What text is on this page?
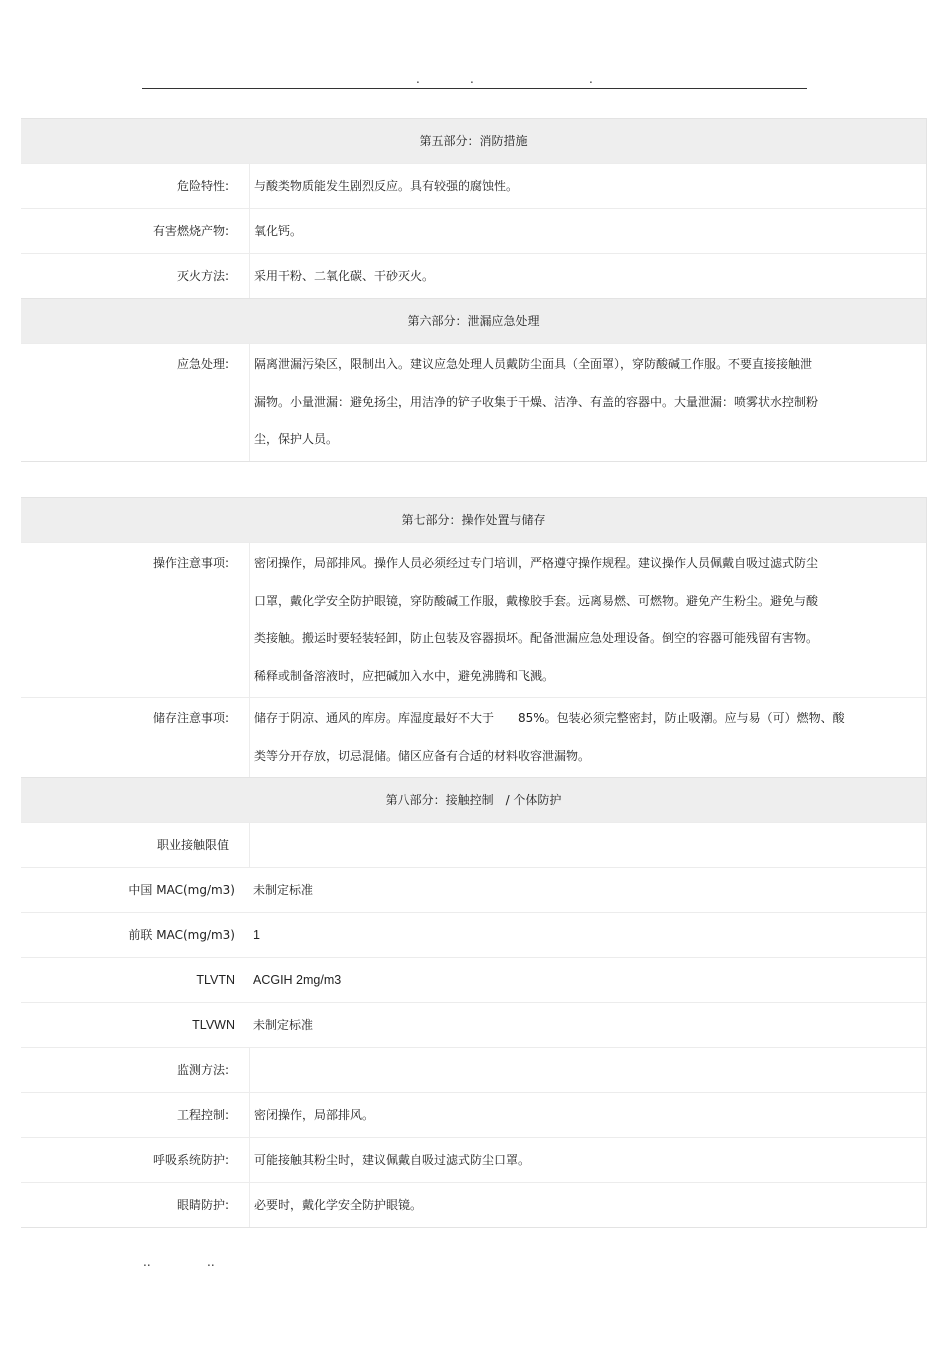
.	.	.
第五部分：消防措施
危险特性:	与酸类物质能发生剧烈反应。具有较强的腐蚀性。
有害燃烧产物:	氧化钙。
灭火方法:	采用干粉、二氧化碳、干砂灭火。
第六部分：泄漏应急处理
应急处理:	隔离泄漏污染区，限制出入。建议应急处理人员戴防尘面具（全面罩），穿防酸碱工作服。不要直接接触泄
漏物。小量泄漏：避免扬尘，用洁净的铲子收集于干燥、洁净、有盖的容器中。大量泄漏：喷雾状水控制粉
尘，保护人员。
第七部分：操作处置与储存
操作注意事项:	密闭操作，局部排风。操作人员必须经过专门培训，严格遵守操作规程。建议操作人员佩戴自吸过滤式防尘
口罩，戴化学安全防护眼镜，穿防酸碱工作服，戴橡胶手套。远离易燃、可燃物。避免产生粉尘。避免与酸
类接触。搬运时要轻装轻卸，防止包装及容器损坏。配备泄漏应急处理设备。倒空的容器可能残留有害物。
稀释或制备溶液时，应把碱加入水中，避免沸腾和飞溅。
储存注意事项:	储存于阴凉、通风的库房。库湿度最好不大于　　85%。包装必须完整密封，防止吸潮。应与易（可）燃物、酸
类等分开存放，切忌混储。储区应备有合适的材料收容泄漏物。
第八部分：接触控制　/ 个体防护
职业接触限值
中国 MAC(mg/m3)	未制定标准
前联 MAC(mg/m3)	1
TLVTN	ACGIH 2mg/m3
TLVWN	未制定标准
监测方法:
工程控制:	密闭操作，局部排风。
呼吸系统防护:	可能接触其粉尘时，建议佩戴自吸过滤式防尘口罩。
眼睛防护:	必要时，戴化学安全防护眼镜。
..	..
